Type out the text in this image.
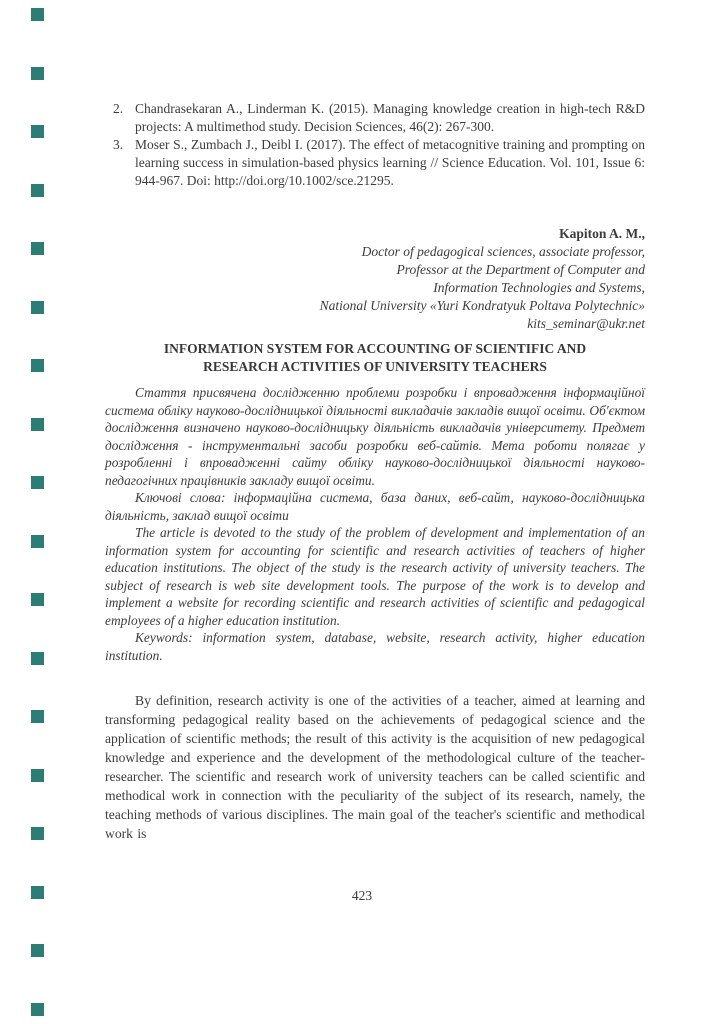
2. Chandrasekaran A., Linderman K. (2015). Managing knowledge creation in high-tech R&D projects: A multimethod study. Decision Sciences, 46(2): 267-300.
3. Moser S., Zumbach J., Deibl I. (2017). The effect of metacognitive training and prompting on learning success in simulation-based physics learning // Science Education. Vol. 101, Issue 6: 944-967. Doi: http://doi.org/10.1002/sce.21295.
Kapiton A. M.,
Doctor of pedagogical sciences, associate professor,
Professor at the Department of Computer and
Information Technologies and Systems,
National University «Yuri Kondratyuk Poltava Polytechnic»
kits_seminar@ukr.net
INFORMATION SYSTEM FOR ACCOUNTING OF SCIENTIFIC AND
RESEARCH ACTIVITIES OF UNIVERSITY TEACHERS

Стаття присвячена дослідженню проблеми розробки і впровадження інформаційної система обліку науково-дослідницької діяльності викладачів закладів вищої освіти. Об'єктом дослідження визначено науково-дослідницьку діяльність викладачів університету. Предмет дослідження - інструментальні засоби розробки веб-сайтів. Мета роботи полягає у розробленні і впровадженні сайту обліку науково-дослідницької діяльності науково-педагогічних працівників закладу вищої освіти.

Ключові слова: інформаційна система, база даних, веб-сайт, науково-дослідницька діяльність, заклад вищої освіти

The article is devoted to the study of the problem of development and implementation of an information system for accounting for scientific and research activities of teachers of higher education institutions. The object of the study is the research activity of university teachers. The subject of research is web site development tools. The purpose of the work is to develop and implement a website for recording scientific and research activities of scientific and pedagogical employees of a higher education institution.

Keywords: information system, database, website, research activity, higher education institution.

By definition, research activity is one of the activities of a teacher, aimed at learning and transforming pedagogical reality based on the achievements of pedagogical science and the application of scientific methods; the result of this activity is the acquisition of new pedagogical knowledge and experience and the development of the methodological culture of the teacher-researcher. The scientific and research work of university teachers can be called scientific and methodical work in connection with the peculiarity of the subject of its research, namely, the teaching methods of various disciplines. The main goal of the teacher's scientific and methodical work is

423
